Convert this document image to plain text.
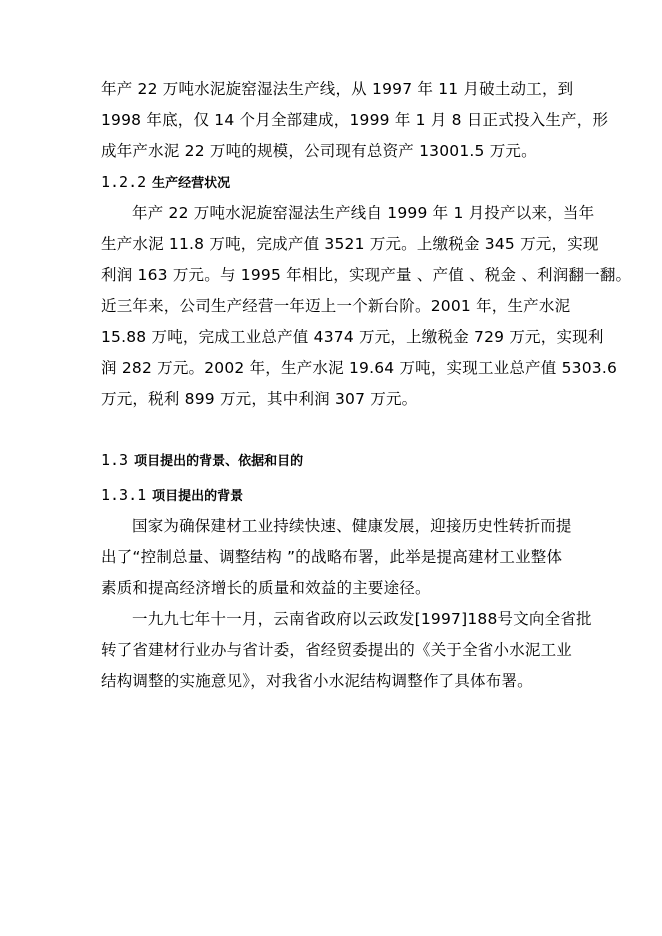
年产 22 万吨水泥旋窑湿法生产线，从 1997 年 11 月破土动工，到
1998 年底，仅 14 个月全部建成，1999 年 1 月 8 日正式投入生产，形
成年产水泥 22 万吨的规模，公司现有总资产 13001.5 万元。
1.2.2 生产经营状况
年产 22 万吨水泥旋窑湿法生产线自 1999 年 1 月投产以来，当年
生产水泥 11.8 万吨，完成产值 3521 万元。上缴税金 345 万元，实现
利润 163 万元。与 1995 年相比，实现产量 、产值 、税金 、利润翻一翻。
近三年来，公司生产经营一年迈上一个新台阶。2001 年，生产水泥
15.88 万吨，完成工业总产值 4374 万元，上缴税金 729 万元，实现利
润 282 万元。2002 年，生产水泥 19.64 万吨，实现工业总产值 5303.6
万元，税利 899 万元，其中利润 307 万元。
1.3 项目提出的背景、依据和目的
1.3.1 项目提出的背景
国家为确保建材工业持续快速、健康发展，迎接历史性转折而提
出了“控制总量、调整结构 ”的战略布署，此举是提高建材工业整体
素质和提高经济增长的质量和效益的主要途径。
一九九七年十一月，云南省政府以云政发[1997]188号文向全省批
转了省建材行业办与省计委，省经贸委提出的《关于全省小水泥工业
结构调整的实施意见》，对我省小水泥结构调整作了具体布署。
